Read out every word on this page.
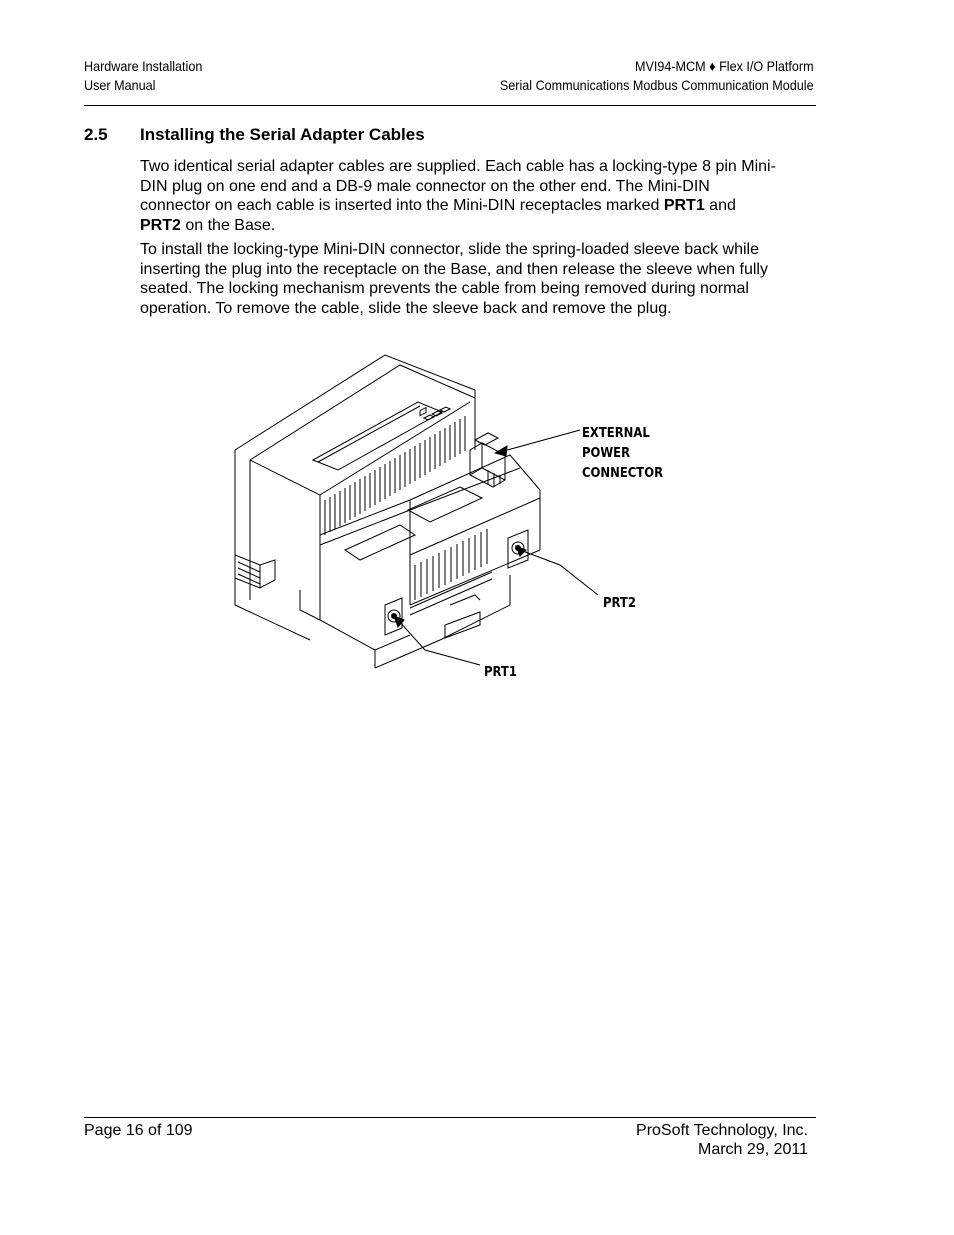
Hardware Installation
User Manual
MVI94-MCM ♦ Flex I/O Platform
Serial Communications Modbus Communication Module
2.5 Installing the Serial Adapter Cables
Two identical serial adapter cables are supplied. Each cable has a locking-type 8 pin Mini-DIN plug on one end and a DB-9 male connector on the other end. The Mini-DIN connector on each cable is inserted into the Mini-DIN receptacles marked PRT1 and PRT2 on the Base.
To install the locking-type Mini-DIN connector, slide the spring-loaded sleeve back while inserting the plug into the receptacle on the Base, and then release the sleeve when fully seated. The locking mechanism prevents the cable from being removed during normal operation. To remove the cable, slide the sleeve back and remove the plug.
EXTERNAL
POWER
CONNECTOR
PRT2
PRT1
Page 16 of 109	ProSoft Technology, Inc.
March 29, 2011
